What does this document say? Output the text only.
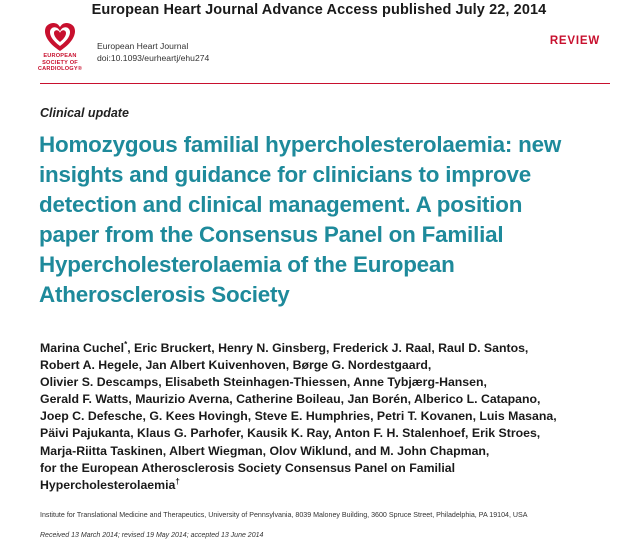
European Heart Journal Advance Access published July 22, 2014
EUROPEAN
SOCIETY OF
CARDIOLOGY®
European Heart Journal
doi:10.1093/eurheartj/ehu274
REVIEW
Clinical update
Homozygous familial hypercholesterolaemia: new
insights and guidance for clinicians to improve
detection and clinical management. A position
paper from the Consensus Panel on Familial
Hypercholesterolaemia of the European
Atherosclerosis Society
Marina Cuchel*, Eric Bruckert, Henry N. Ginsberg, Frederick J. Raal, Raul D. Santos,
Robert A. Hegele, Jan Albert Kuivenhoven, Børge G. Nordestgaard,
Olivier S. Descamps, Elisabeth Steinhagen-Thiessen, Anne Tybjærg-Hansen,
Gerald F. Watts, Maurizio Averna, Catherine Boileau, Jan Borén, Alberico L. Catapano,
Joep C. Defesche, G. Kees Hovingh, Steve E. Humphries, Petri T. Kovanen, Luis Masana,
Päivi Pajukanta, Klaus G. Parhofer, Kausik K. Ray, Anton F. H. Stalenhoef, Erik Stroes,
Marja-Riitta Taskinen, Albert Wiegman, Olov Wiklund, and M. John Chapman,
for the European Atherosclerosis Society Consensus Panel on Familial
Hypercholesterolaemia†
Institute for Translational Medicine and Therapeutics, University of Pennsylvania, 8039 Maloney Building, 3600 Spruce Street, Philadelphia, PA 19104, USA
Received 13 March 2014; revised 19 May 2014; accepted 13 June 2014
